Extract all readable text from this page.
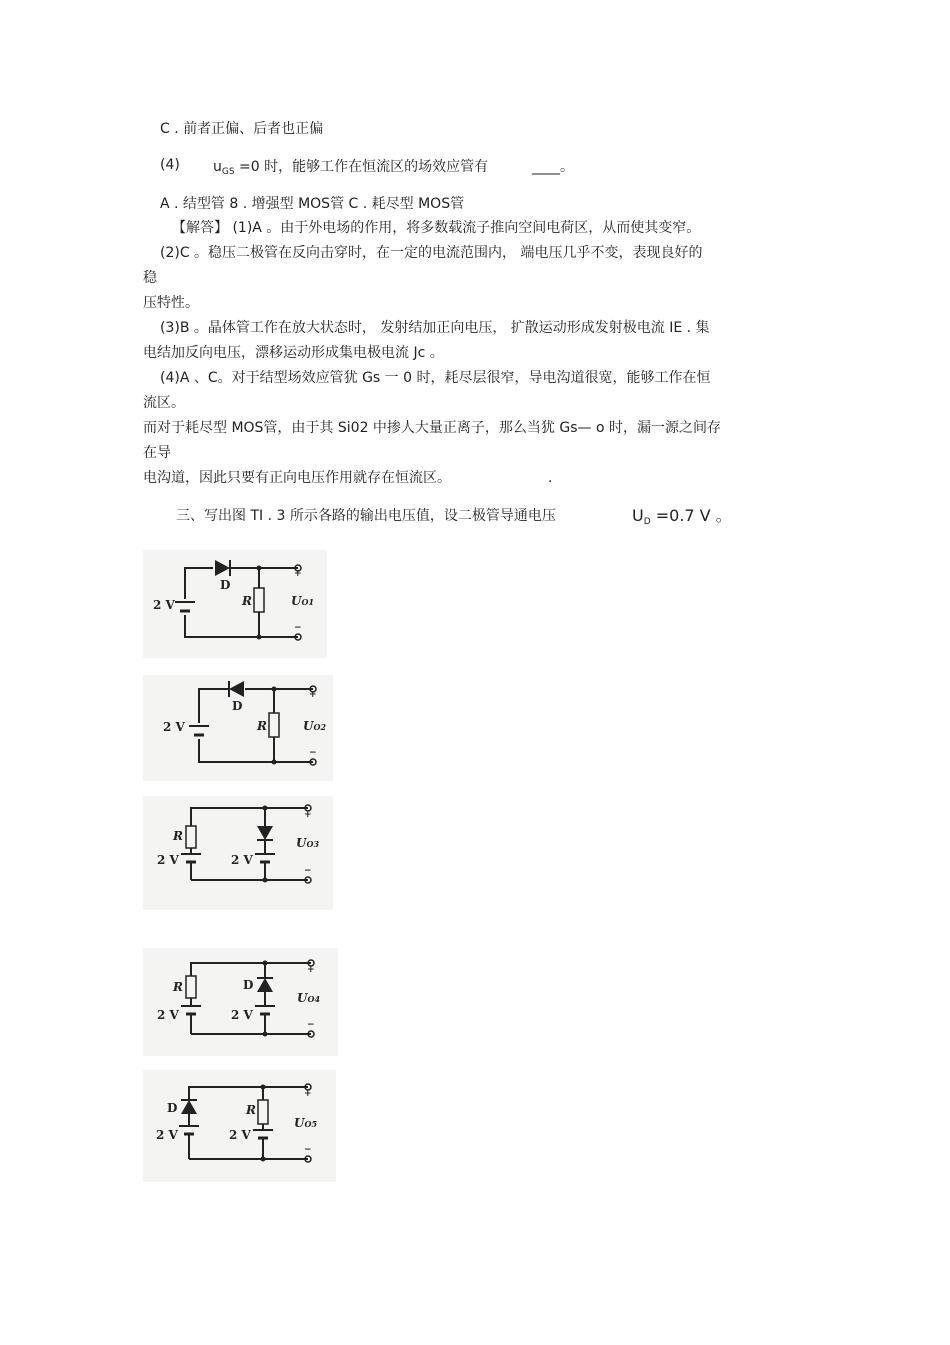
C . 前者正偏、后者也正偏
(4) $u_{GS} =0$ 时，能够工作在恒流区的场效应管有	____。
A . 结型管 8 . 增强型 MOS管 C . 耗尽型 MOS管
【解答】 (1)A 。由于外电场的作用，将多数载流子推向空间电荷区，从而使其变窄。
(2)C 。稳压二极管在反向击穿时，在一定的电流范围内， 端电压几乎不变，表现良好的
稳
压特性。
(3)B 。晶体管工作在放大状态时， 发射结加正向电压， 扩散运动形成发射极电流 IE . 集
电结加反向电压，漂移运动形成集电极电流 Jc 。
(4)A 、C。对于结型场效应管犹 Gs 一 0 时，耗尽层很窄，导电沟道很宽，能够工作在恒
流区。
而对于耗尽型 MOS管，由于其 Si02 中掺人大量正离子，那么当犹 Gs— o 时，漏一源之间存
在导
电沟道，因此只要有正向电压作用就存在恒流区。	.
三、写出图 TI . 3 所示各路的输出电压值，设二极管导通电压	$U_D =0.7$ V 。
2 V
D
R	UO1
+
−
2 V
D
R	UO2
+
−
R
2 V	2 V
UO3
+
−
R	D
2 V	2 V
UO4
+
−
D
2 V
R
2 V
UO5
+
−
